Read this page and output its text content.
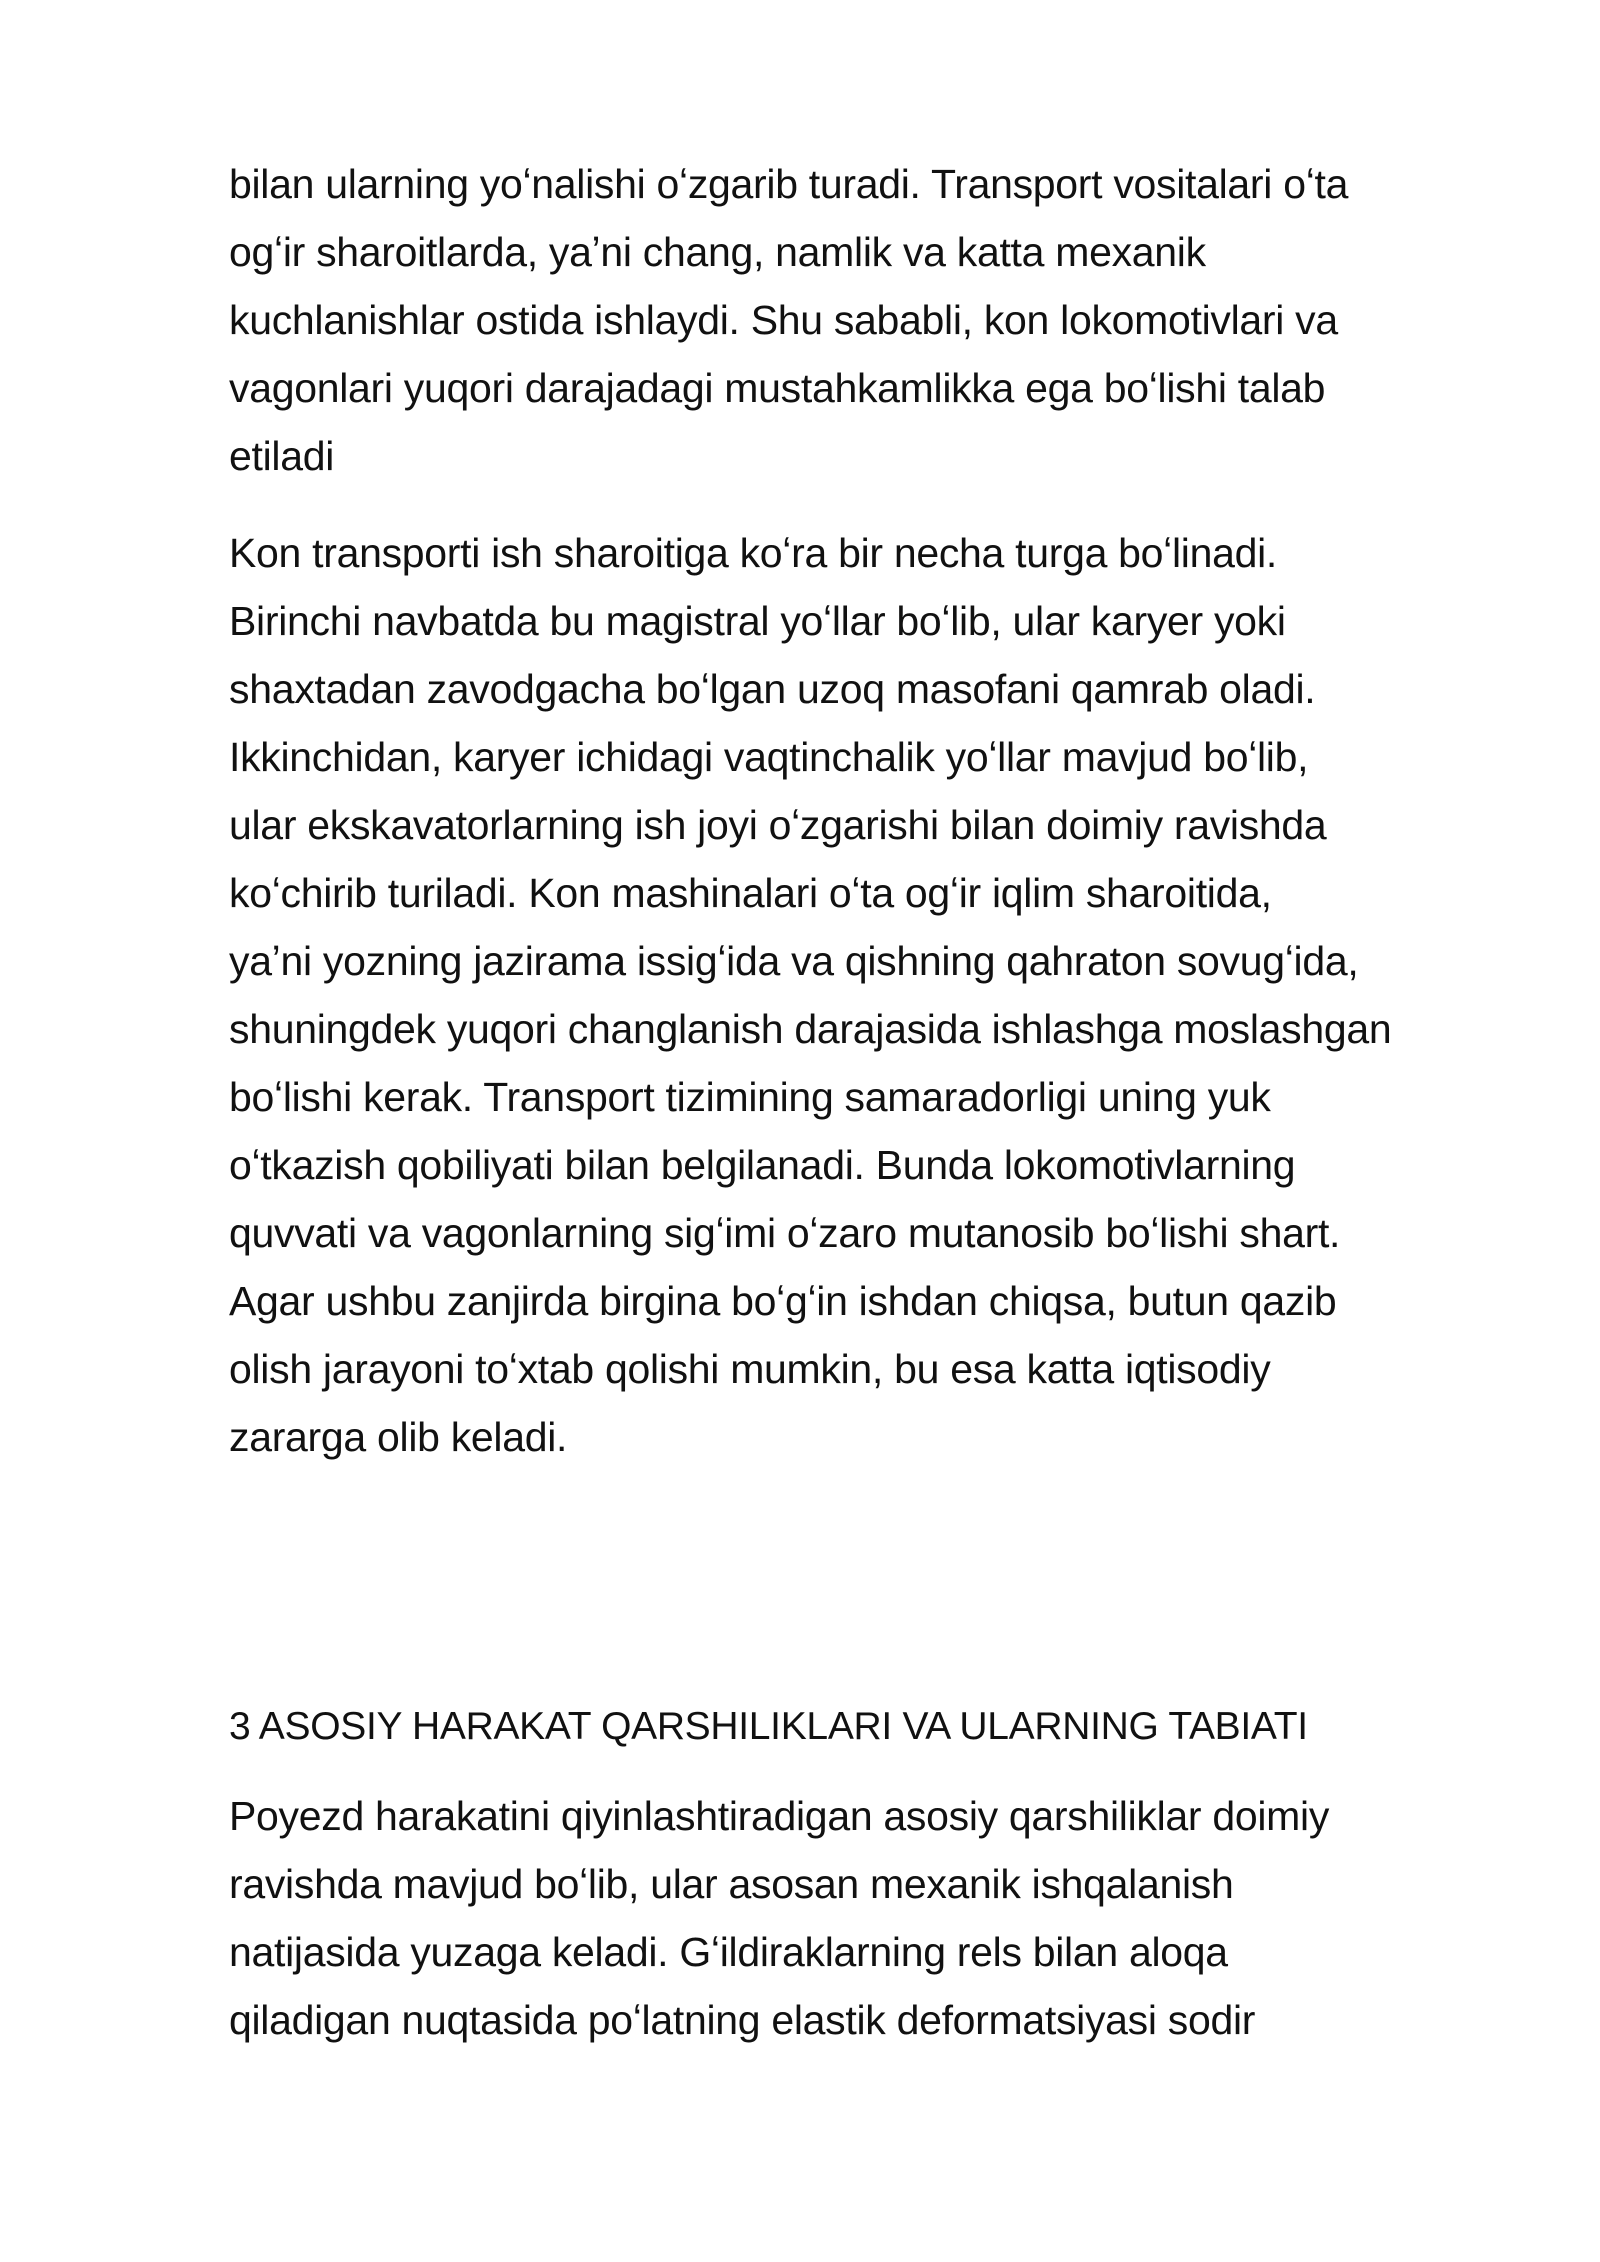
bilan ularning yoʻnalishi oʻzgarib turadi. Transport vositalari oʻta
ogʻir sharoitlarda, yaʼni chang, namlik va katta mexanik
kuchlanishlar ostida ishlaydi. Shu sababli, kon lokomotivlari va
vagonlari yuqori darajadagi mustahkamlikka ega boʻlishi talab
etiladi
Kon transporti ish sharoitiga koʻra bir necha turga boʻlinadi.
Birinchi navbatda bu magistral yoʻllar boʻlib, ular karyer yoki
shaxtadan zavodgacha boʻlgan uzoq masofani qamrab oladi.
Ikkinchidan, karyer ichidagi vaqtinchalik yoʻllar mavjud boʻlib,
ular ekskavatorlarning ish joyi oʻzgarishi bilan doimiy ravishda
koʻchirib turiladi. Kon mashinalari oʻta ogʻir iqlim sharoitida,
yaʼni yozning jazirama issigʻida va qishning qahraton sovugʻida,
shuningdek yuqori changlanish darajasida ishlashga moslashgan
boʻlishi kerak. Transport tizimining samaradorligi uning yuk
oʻtkazish qobiliyati bilan belgilanadi. Bunda lokomotivlarning
quvvati va vagonlarning sigʻimi oʻzaro mutanosib boʻlishi shart.
Agar ushbu zanjirda birgina boʻgʻin ishdan chiqsa, butun qazib
olish jarayoni toʻxtab qolishi mumkin, bu esa katta iqtisodiy
zararga olib keladi.
3 ASOSIY HARAKAT QARSHILIKLARI VA ULARNING TABIATI
Poyezd harakatini qiyinlashtiradigan asosiy qarshiliklar doimiy
ravishda mavjud boʻlib, ular asosan mexanik ishqalanish
natijasida yuzaga keladi. Gʻildiraklarning rels bilan aloqa
qiladigan nuqtasida poʻlatning elastik deformatsiyasi sodir
